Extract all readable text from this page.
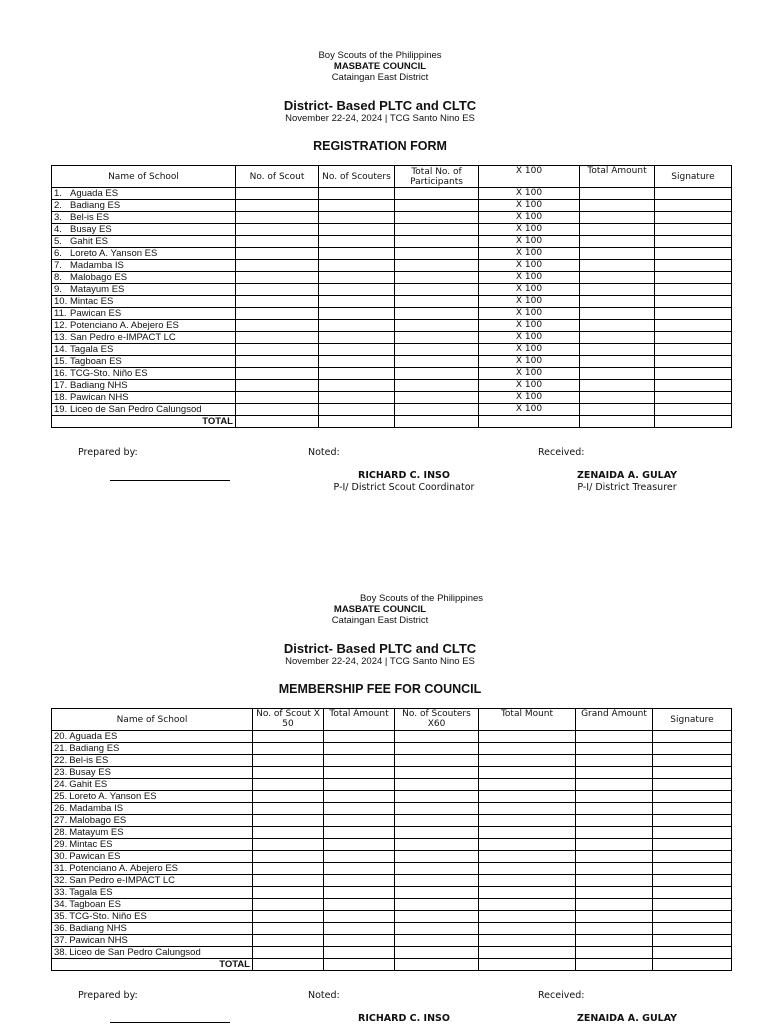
Boy Scouts of the Philippines
MASBATE COUNCIL
Cataingan East District
District- Based PLTC and CLTC
November 22-24, 2024 | TCG Santo Nino ES
REGISTRATION FORM
Name of School	No. of Scout	No. of Scouters	Total No. of Participants	X 100	Total Amount	Signature
1. Aguada ES				X 100		
2. Badiang ES				X 100		
3. Bel-is ES				X 100		
4. Busay ES				X 100		
5. Gahit ES				X 100		
6. Loreto A. Yanson ES				X 100		
7. Madamba IS				X 100		
8. Malobago ES				X 100		
9. Matayum ES				X 100		
10. Mintac ES				X 100		
11. Pawican ES				X 100		
12. Potenciano A. Abejero ES				X 100		
13. San Pedro e-IMPACT LC				X 100		
14. Tagala ES				X 100		
15. Tagboan ES				X 100		
16. TCG-Sto. Niño ES				X 100		
17. Badiang NHS				X 100		
18. Pawican NHS				X 100		
19. Liceo de San Pedro Calungsod				X 100		
TOTAL						
Prepared by:	Noted:	Received:
RICHARD C. INSO
P-I/ District Scout Coordinator
ZENAIDA A. GULAY
P-I/ District Treasurer
Boy Scouts of the Philippines
MASBATE COUNCIL
Cataingan East District
District- Based PLTC and CLTC
November 22-24, 2024 | TCG Santo Nino ES
MEMBERSHIP FEE FOR COUNCIL
Name of School	No. of Scout X 50	Total Amount	No. of Scouters X60	Total Mount	Grand Amount	Signature
20. Aguada ES						
21. Badiang ES						
22. Bel-is ES						
23. Busay ES						
24. Gahit ES						
25. Loreto A. Yanson ES						
26. Madamba IS						
27. Malobago ES						
28. Matayum ES						
29. Mintac ES						
30. Pawican ES						
31. Potenciano A. Abejero ES						
32. San Pedro e-IMPACT LC						
33. Tagala ES						
34. Tagboan ES						
35. TCG-Sto. Niño ES						
36. Badiang NHS						
37. Pawican NHS						
38. Liceo de San Pedro Calungsod						
TOTAL						
Prepared by:	Noted:	Received:
RICHARD C. INSO	ZENAIDA A. GULAY
